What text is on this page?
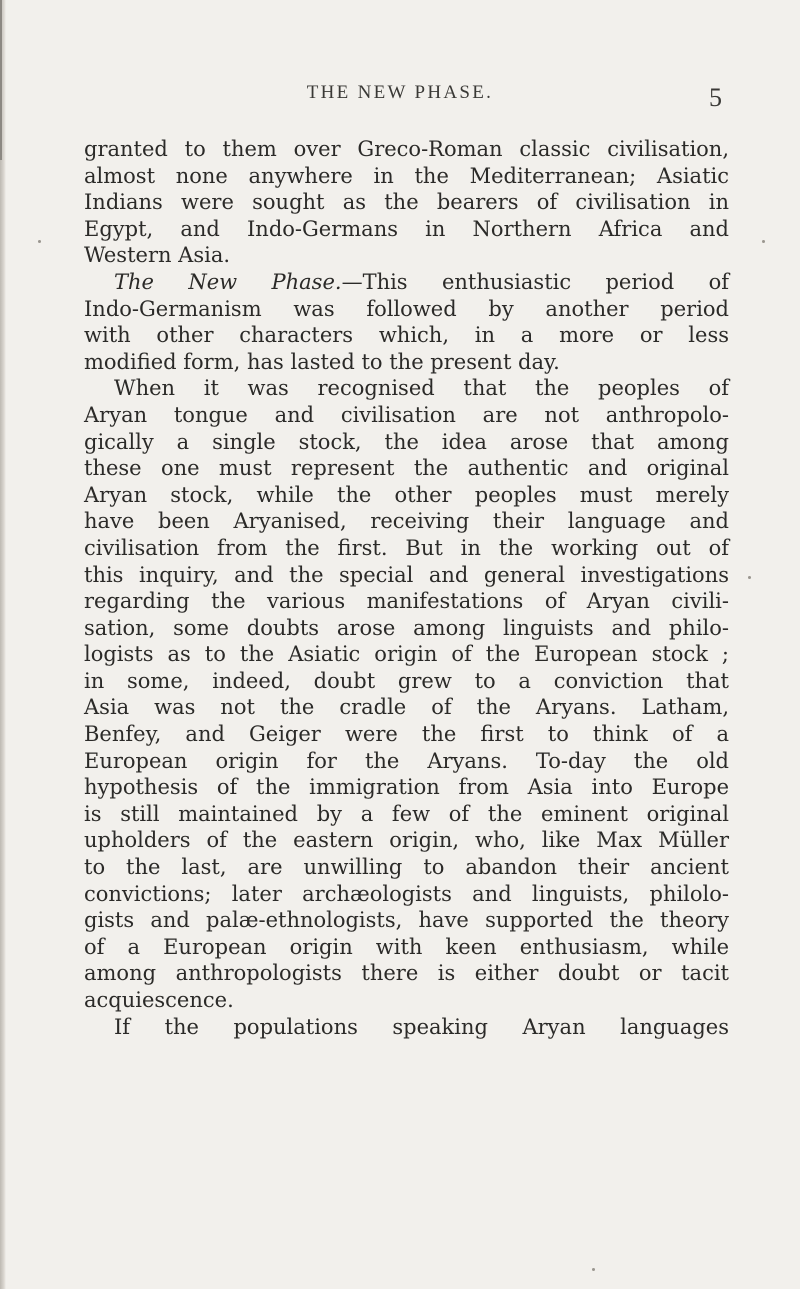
THE NEW PHASE.	5
granted to them over Greco-Roman classic civilisation,
almost none anywhere in the Mediterranean; Asiatic
Indians were sought as the bearers of civilisation in
Egypt, and Indo-Germans in Northern Africa and
Western Asia.
The New Phase.—This enthusiastic period of
Indo-Germanism was followed by another period
with other characters which, in a more or less
modified form, has lasted to the present day.
When it was recognised that the peoples of
Aryan tongue and civilisation are not anthropolo-
gically a single stock, the idea arose that among
these one must represent the authentic and original
Aryan stock, while the other peoples must merely
have been Aryanised, receiving their language and
civilisation from the first. But in the working out of
this inquiry, and the special and general investigations
regarding the various manifestations of Aryan civili-
sation, some doubts arose among linguists and philo-
logists as to the Asiatic origin of the European stock ;
in some, indeed, doubt grew to a conviction that
Asia was not the cradle of the Aryans. Latham,
Benfey, and Geiger were the first to think of a
European origin for the Aryans. To-day the old
hypothesis of the immigration from Asia into Europe
is still maintained by a few of the eminent original
upholders of the eastern origin, who, like Max Müller
to the last, are unwilling to abandon their ancient
convictions; later archæologists and linguists, philolo-
gists and palæ-ethnologists, have supported the theory
of a European origin with keen enthusiasm, while
among anthropologists there is either doubt or tacit
acquiescence.
If the populations speaking Aryan languages
